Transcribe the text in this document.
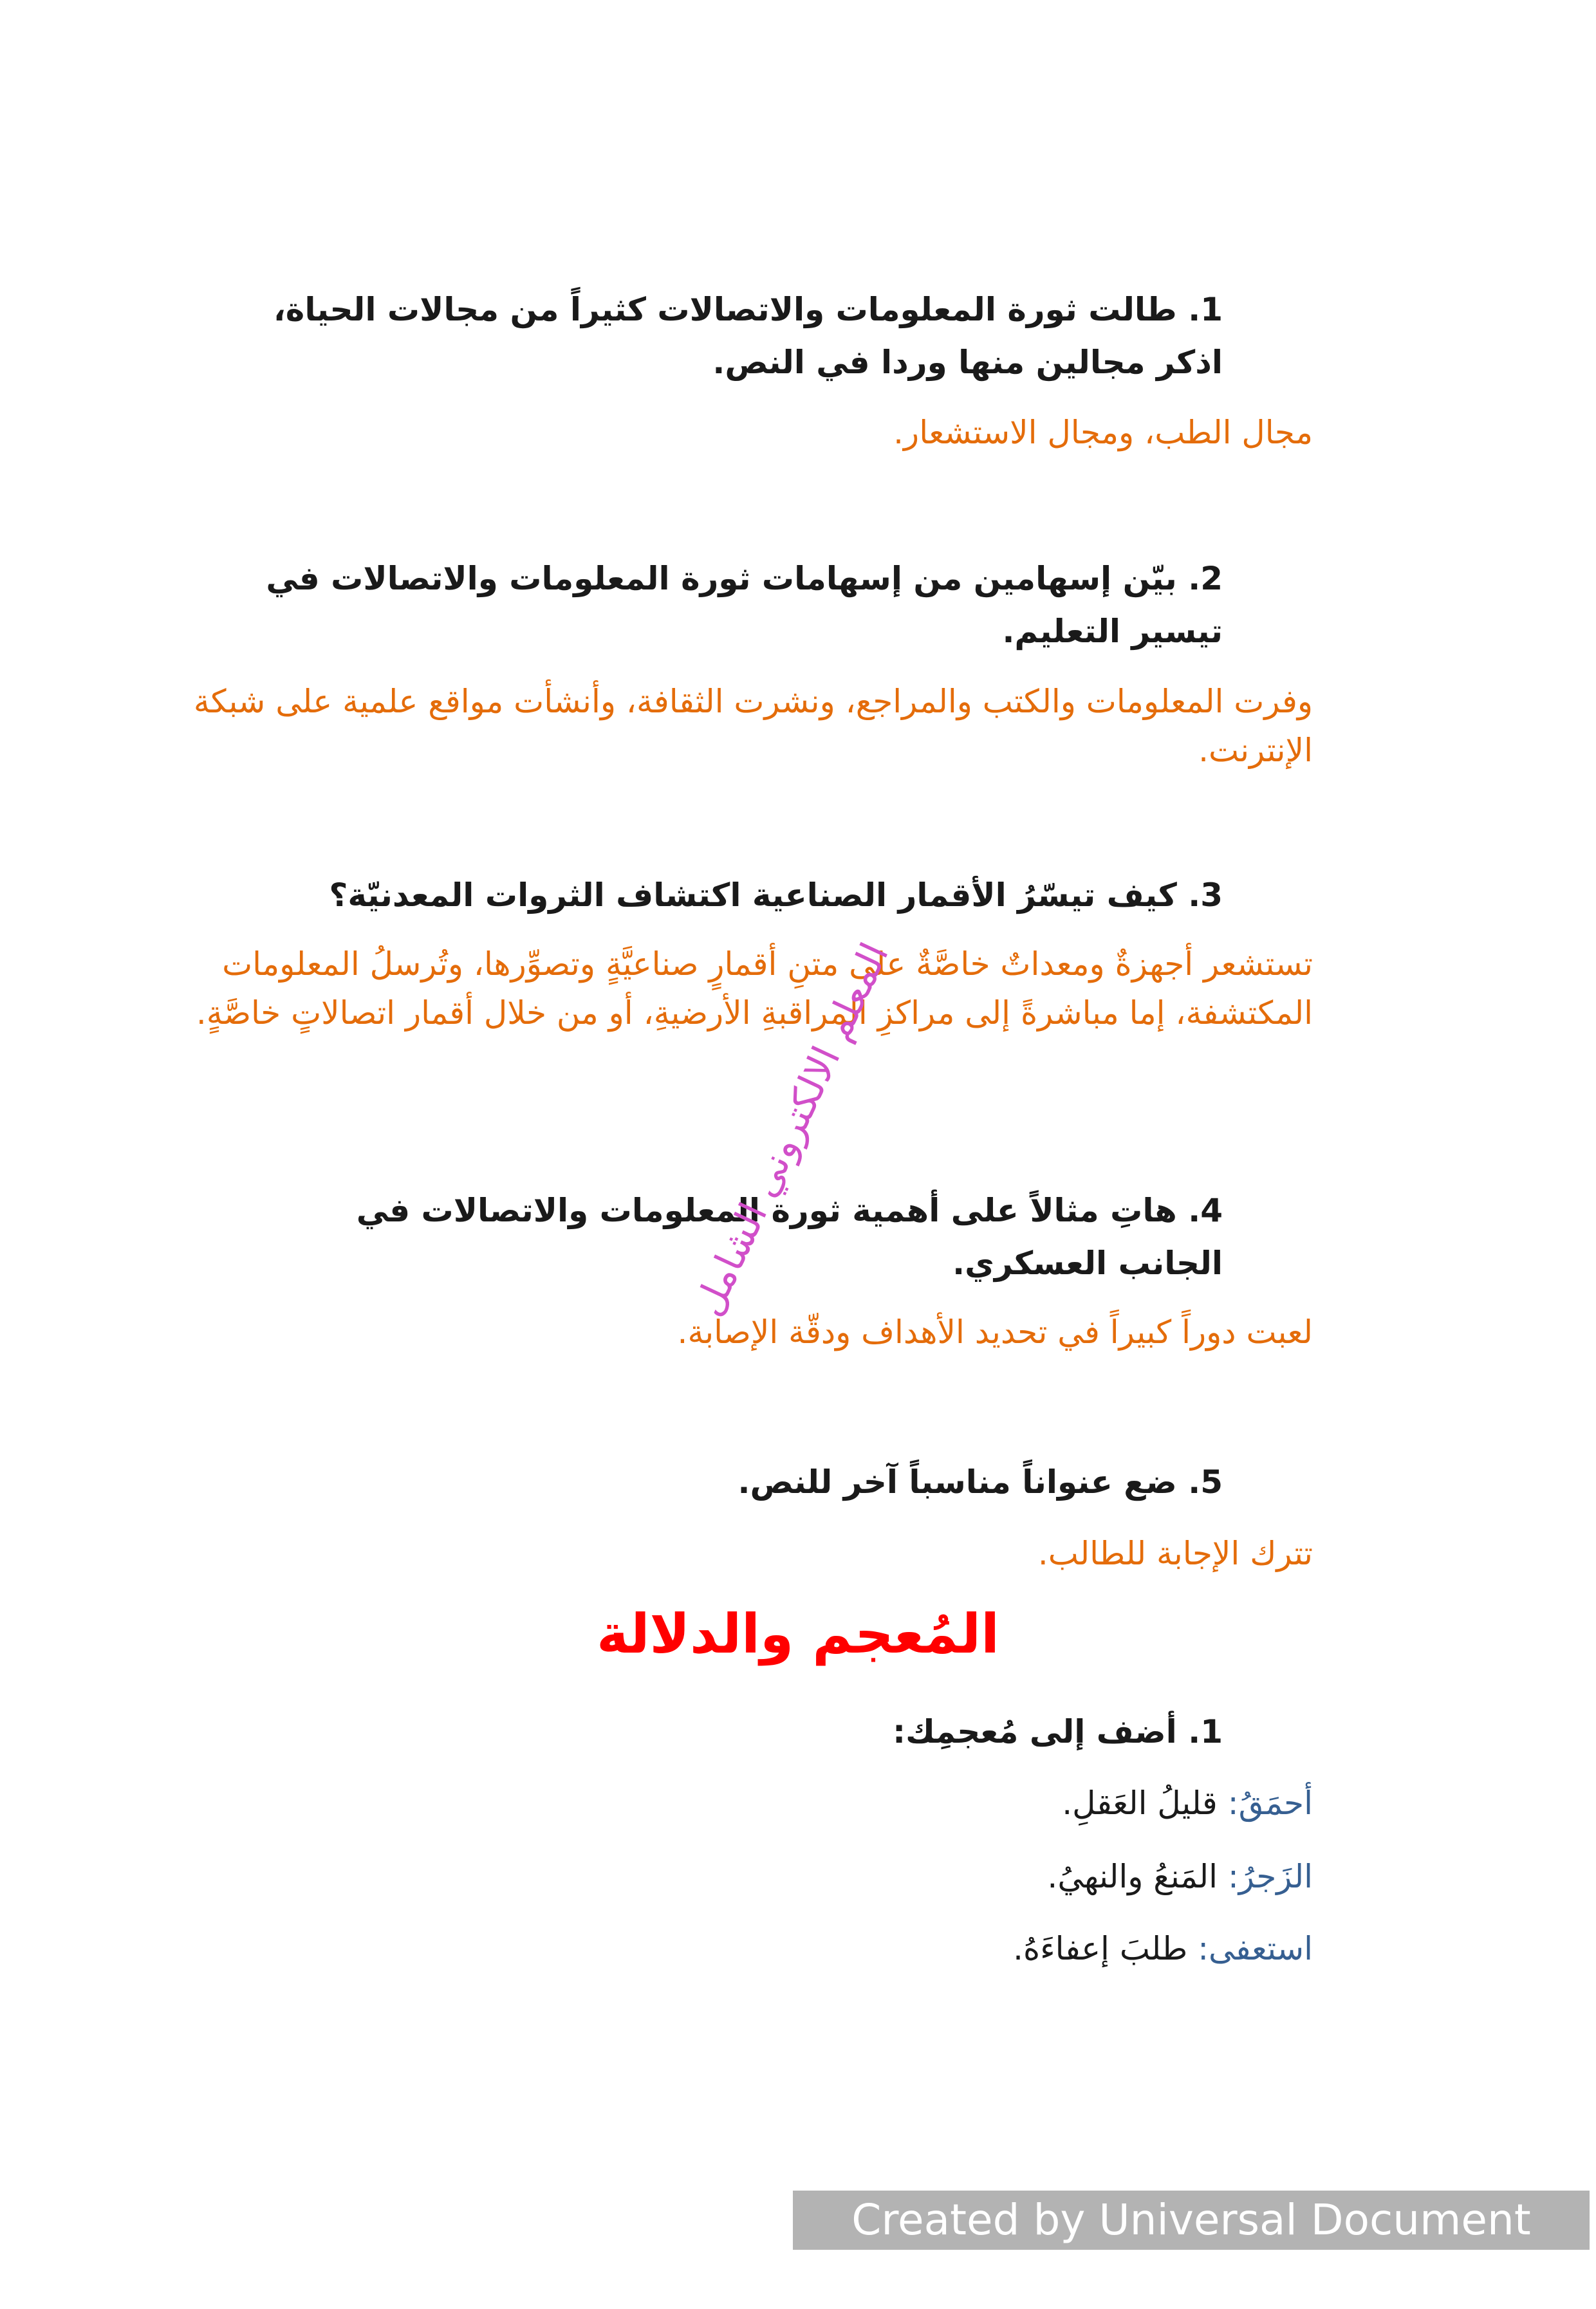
1. طالت ثورة المعلومات والاتصالات كثيراً من مجالات الحياة، اذكر مجالين منها وردا في النص.
مجال الطب، ومجال الاستشعار.
2. بيّن إسهامين من إسهامات ثورة المعلومات والاتصالات في تيسير التعليم.
وفرت المعلومات والكتب والمراجع، ونشرت الثقافة، وأنشأت مواقع علمية على شبكة الإنترنت.
3. كيف تيسّرُ الأقمار الصناعية اكتشاف الثروات المعدنيّة؟
تستشعر أجهزةٌ ومعداتٌ خاصَّةٌ على متنِ أقمارٍ صناعيَّةٍ وتصوِّرها، وتُرسلُ المعلومات المكتشفة، إما مباشرةً إلى مراكزِ المراقبةِ الأرضيةِ، أو من خلال أقمار اتصالاتٍ خاصَّةٍ.
4. هاتِ مثالاً على أهمية ثورة المعلومات والاتصالات في الجانب العسكري.
لعبت دوراً كبيراً في تحديد الأهداف ودقّة الإصابة.
5. ضع عنواناً مناسباً آخر للنص.
تترك الإجابة للطالب.
المُعجم والدلالة
1. أضف إلى مُعجمِك:
أحمَقُ: قليلُ العَقلِ.
الزَجرُ: المَنعُ والنهيُ.
استعفى: طلبَ إعفاءَهُ.
المعلم الالكتروني الشامل
Created by Universal Document Converter
